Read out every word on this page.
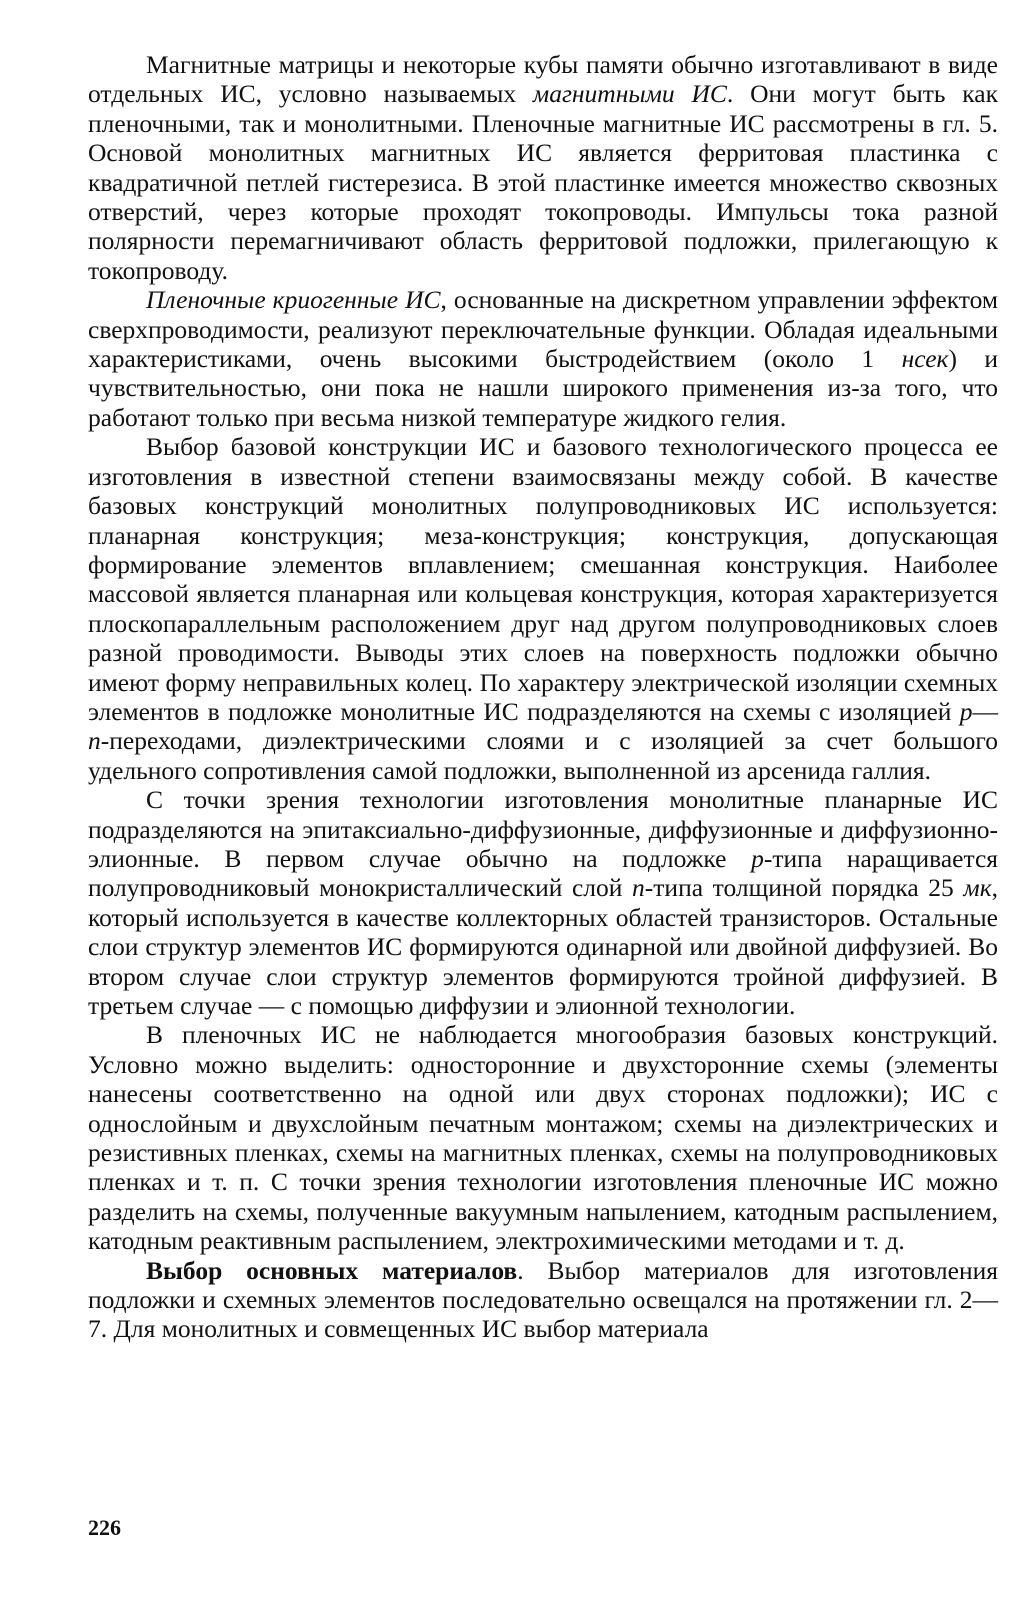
Магнитные матрицы и некоторые кубы памяти обычно изготавливают в виде отдельных ИС, условно называемых магнитными ИС. Они могут быть как пленочными, так и монолитными. Пленочные магнитные ИС рассмотрены в гл. 5. Основой монолитных магнитных ИС является ферритовая пластинка с квадратичной петлей гистерезиса. В этой пластинке имеется множество сквозных отверстий, через которые проходят токопроводы. Импульсы тока разной полярности перемагничивают область ферритовой подложки, прилегающую к токопроводу.

Пленочные криогенные ИС, основанные на дискретном управлении эффектом сверхпроводимости, реализуют переключательные функции. Обладая идеальными характеристиками, очень высокими быстродействием (около 1 нсек) и чувствительностью, они пока не нашли широкого применения из-за того, что работают только при весьма низкой температуре жидкого гелия.

Выбор базовой конструкции ИС и базового технологического процесса ее изготовления в известной степени взаимосвязаны между собой. В качестве базовых конструкций монолитных полупроводниковых ИС используется: планарная конструкция; меза-конструкция; конструкция, допускающая формирование элементов вплавлением; смешанная конструкция. Наиболее массовой является планарная или кольцевая конструкция, которая характеризуется плоскопараллельным расположением друг над другом полупроводниковых слоев разной проводимости. Выводы этих слоев на поверхность подложки обычно имеют форму неправильных колец. По характеру электрической изоляции схемных элементов в подложке монолитные ИС подразделяются на схемы с изоляцией p—n-переходами, диэлектрическими слоями и с изоляцией за счет большого удельного сопротивления самой подложки, выполненной из арсенида галлия.

С точки зрения технологии изготовления монолитные планарные ИС подразделяются на эпитаксиально-диффузионные, диффузионные и диффузионно-элионные. В первом случае обычно на подложке p-типа наращивается полупроводниковый монокристаллический слой n-типа толщиной порядка 25 мк, который используется в качестве коллекторных областей транзисторов. Остальные слои структур элементов ИС формируются одинарной или двойной диффузией. Во втором случае слои структур элементов формируются тройной диффузией. В третьем случае — с помощью диффузии и элионной технологии.

В пленочных ИС не наблюдается многообразия базовых конструкций. Условно можно выделить: односторонние и двухсторонние схемы (элементы нанесены соответственно на одной или двух сторонах подложки); ИС с однослойным и двухслойным печатным монтажом; схемы на диэлектрических и резистивных пленках, схемы на магнитных пленках, схемы на полупроводниковых пленках и т. п. С точки зрения технологии изготовления пленочные ИС можно разделить на схемы, полученные вакуумным напылением, катодным распылением, катодным реактивным распылением, электрохимическими методами и т. д.

Выбор основных материалов. Выбор материалов для изготовления подложки и схемных элементов последовательно освещался на протяжении гл. 2—7. Для монолитных и совмещенных ИС выбор материала

226
